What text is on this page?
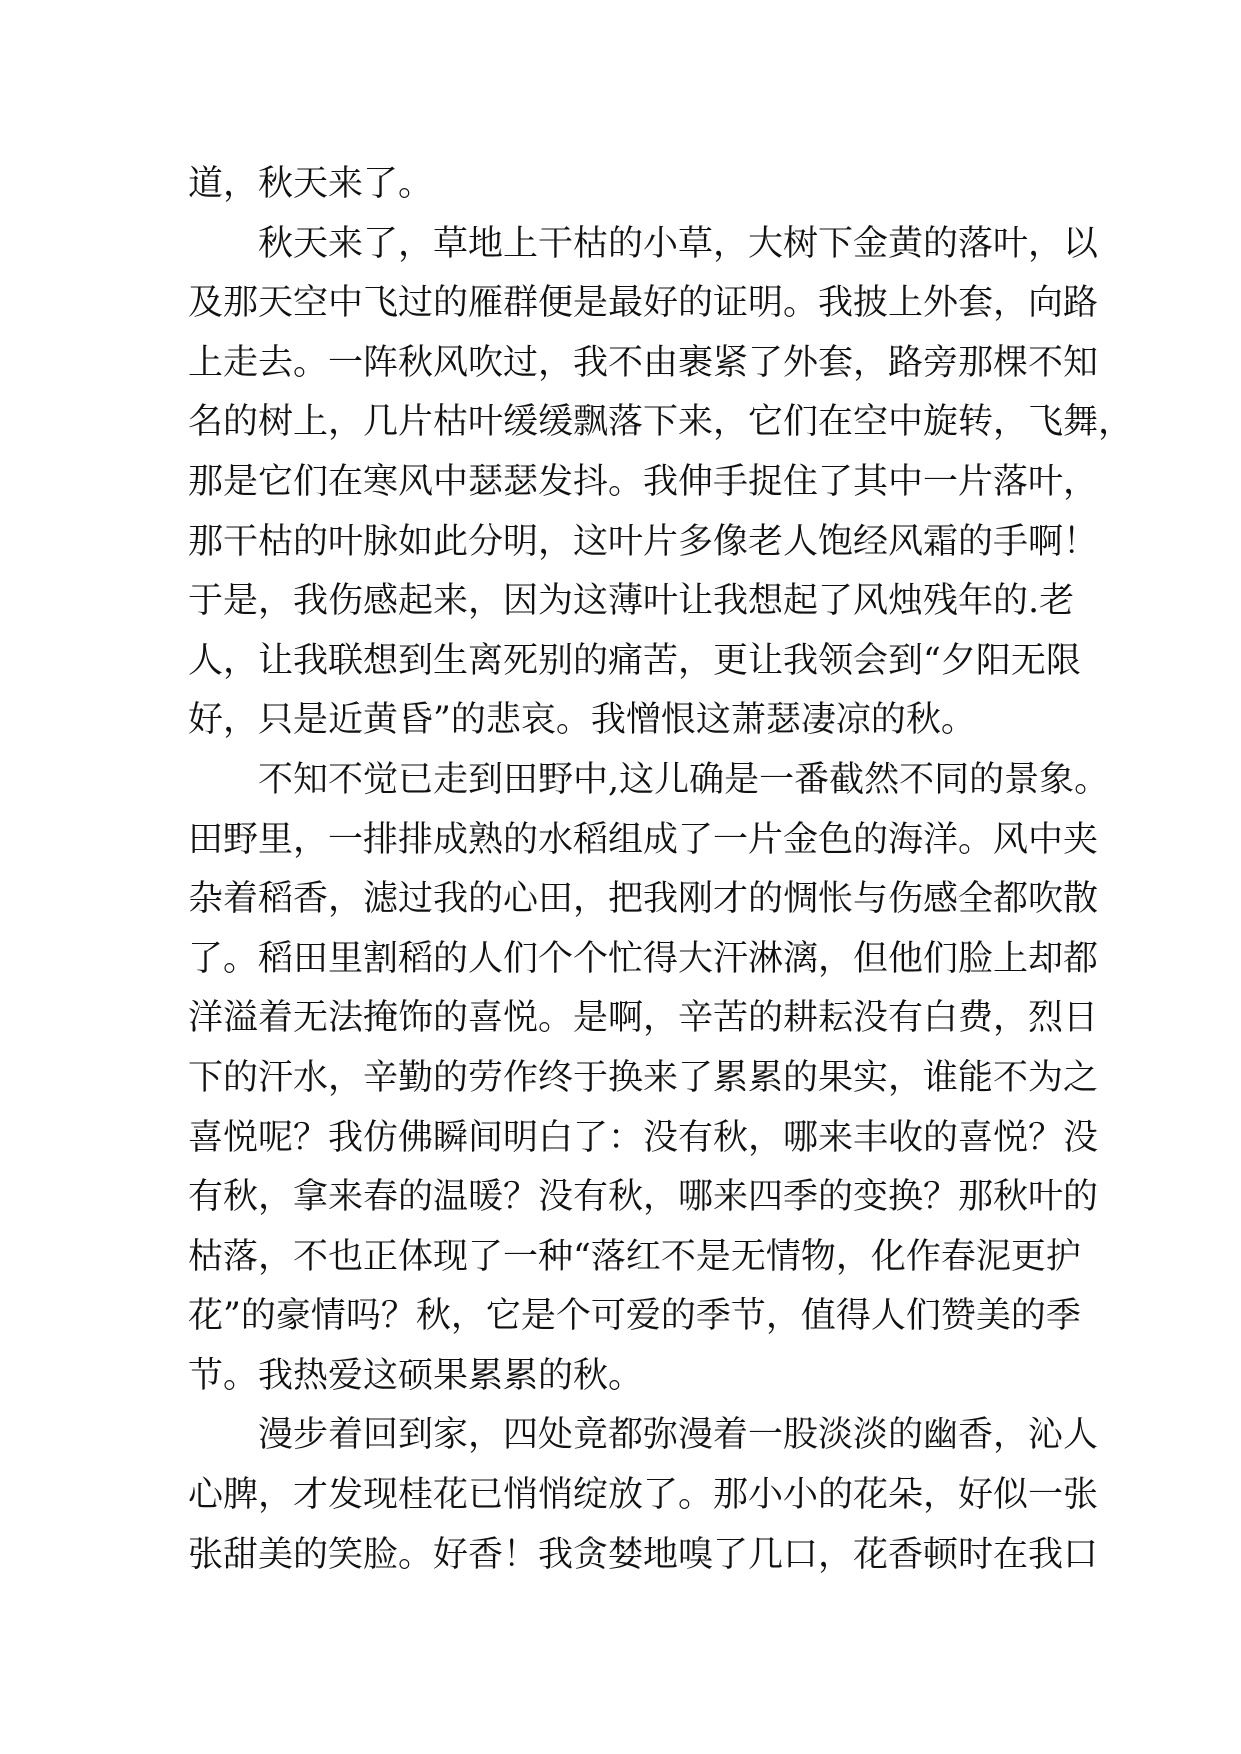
道，秋天来了。
秋天来了，草地上干枯的小草，大树下金黄的落叶，以
及那天空中飞过的雁群便是最好的证明。我披上外套，向路
上走去。一阵秋风吹过，我不由裹紧了外套，路旁那棵不知
名的树上，几片枯叶缓缓飘落下来，它们在空中旋转，飞舞，
那是它们在寒风中瑟瑟发抖。我伸手捉住了其中一片落叶，
那干枯的叶脉如此分明，这叶片多像老人饱经风霜的手啊！
于是，我伤感起来，因为这薄叶让我想起了风烛残年的.老
人，让我联想到生离死别的痛苦，更让我领会到“夕阳无限
好，只是近黄昏”的悲哀。我憎恨这萧瑟凄凉的秋。
不知不觉已走到田野中,这儿确是一番截然不同的景象。
田野里，一排排成熟的水稻组成了一片金色的海洋。风中夹
杂着稻香，滤过我的心田，把我刚才的惆怅与伤感全都吹散
了。稻田里割稻的人们个个忙得大汗淋漓，但他们脸上却都
洋溢着无法掩饰的喜悦。是啊，辛苦的耕耘没有白费，烈日
下的汗水，辛勤的劳作终于换来了累累的果实，谁能不为之
喜悦呢？我仿佛瞬间明白了：没有秋，哪来丰收的喜悦？没
有秋，拿来春的温暖？没有秋，哪来四季的变换？那秋叶的
枯落，不也正体现了一种“落红不是无情物，化作春泥更护
花”的豪情吗？秋，它是个可爱的季节，值得人们赞美的季
节。我热爱这硕果累累的秋。
漫步着回到家，四处竟都弥漫着一股淡淡的幽香，沁人
心脾，才发现桂花已悄悄绽放了。那小小的花朵，好似一张
张甜美的笑脸。好香！我贪婪地嗅了几口，花香顿时在我口
